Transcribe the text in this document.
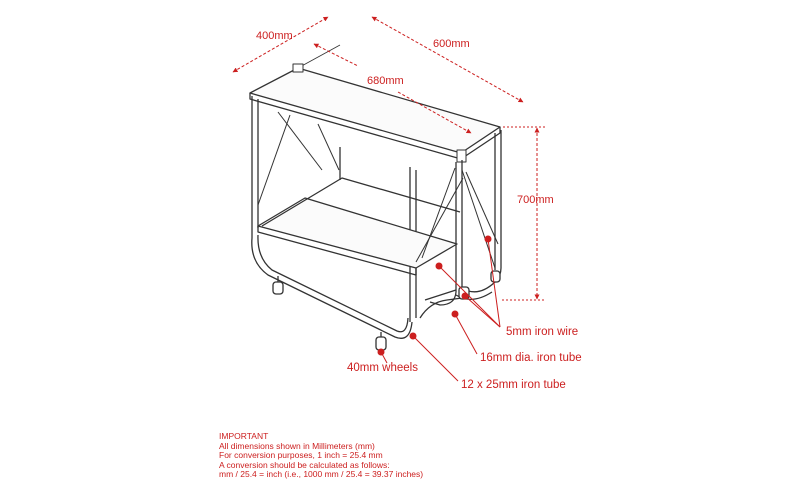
400mm
600mm
680mm
700mm
5mm iron wire
16mm dia. iron tube
40mm wheels
12 x 25mm iron tube
IMPORTANT
All dimensions shown in Millimeters (mm)
For conversion purposes, 1 inch = 25.4 mm
A conversion should be calculated as follows:
mm / 25.4 = inch (i.e., 1000 mm / 25.4 = 39.37 inches)
